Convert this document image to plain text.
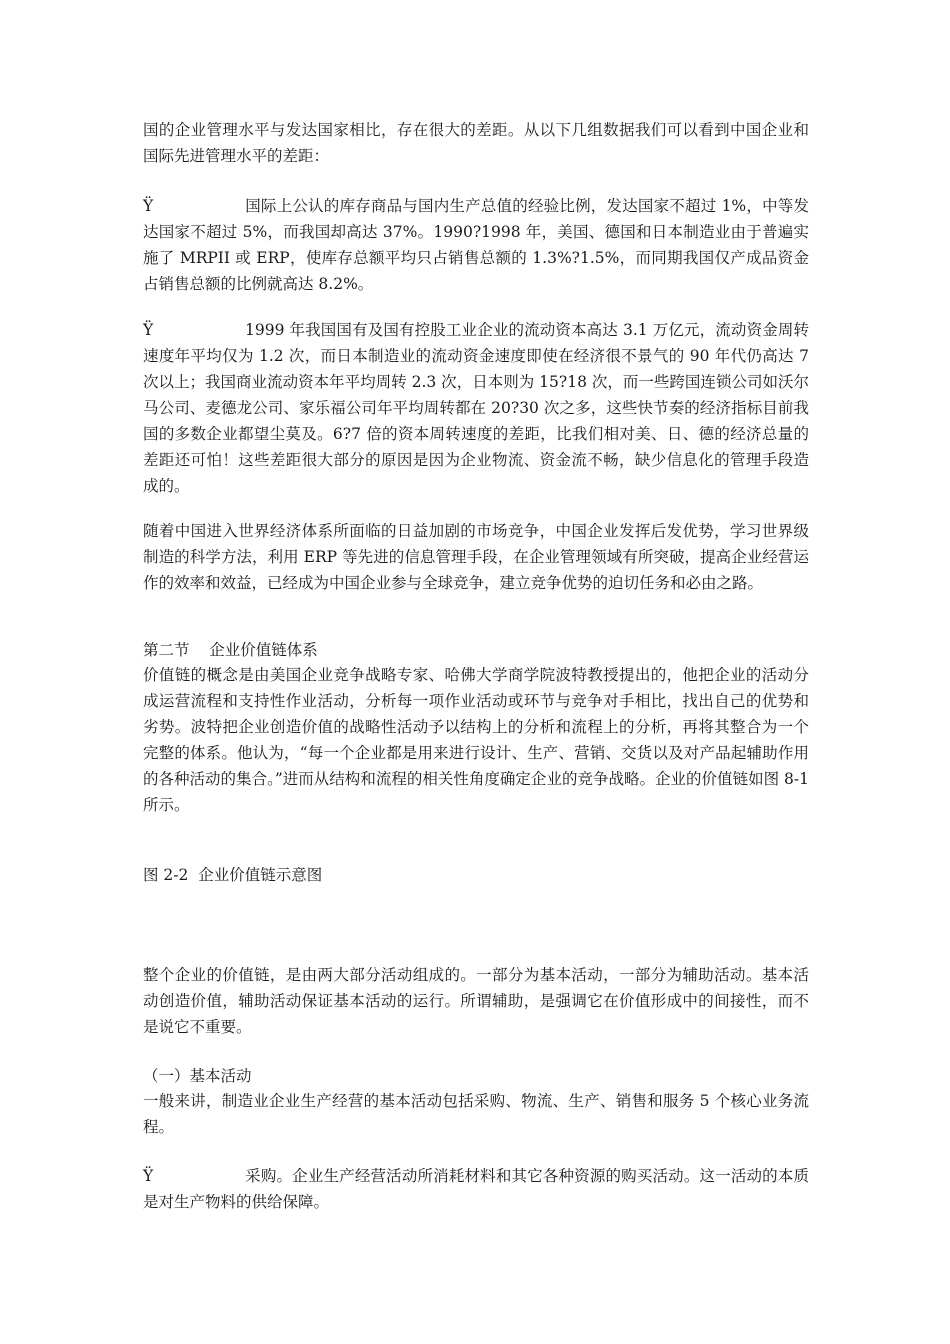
国的企业管理水平与发达国家相比，存在很大的差距。从以下几组数据我们可以看到中国企业和国际先进管理水平的差距：

Ÿ	国际上公认的库存商品与国内生产总值的经验比例，发达国家不超过 1%，中等发达国家不超过 5%，而我国却高达 37%。1990?1998 年，美国、德国和日本制造业由于普遍实施了 MRPII 或 ERP，使库存总额平均只占销售总额的 1.3%?1.5%，而同期我国仅产成品资金占销售总额的比例就高达 8.2%。

Ÿ	1999 年我国国有及国有控股工业企业的流动资本高达 3.1 万亿元，流动资金周转速度年平均仅为 1.2 次，而日本制造业的流动资金速度即使在经济很不景气的 90 年代仍高达 7 次以上；我国商业流动资本年平均周转 2.3 次，日本则为 15?18 次，而一些跨国连锁公司如沃尔马公司、麦德龙公司、家乐福公司年平均周转都在 20?30 次之多，这些快节奏的经济指标目前我国的多数企业都望尘莫及。6?7 倍的资本周转速度的差距，比我们相对美、日、德的经济总量的差距还可怕！这些差距很大部分的原因是因为企业物流、资金流不畅，缺少信息化的管理手段造成的。

随着中国进入世界经济体系所面临的日益加剧的市场竞争，中国企业发挥后发优势，学习世界级制造的科学方法，利用 ERP 等先进的信息管理手段，在企业管理领域有所突破，提高企业经营运作的效率和效益，已经成为中国企业参与全球竞争，建立竞争优势的迫切任务和必由之路。

第二节    企业价值链体系

价值链的概念是由美国企业竞争战略专家、哈佛大学商学院波特教授提出的，他把企业的活动分成运营流程和支持性作业活动，分析每一项作业活动或环节与竞争对手相比，找出自己的优势和劣势。波特把企业创造价值的战略性活动予以结构上的分析和流程上的分析，再将其整合为一个完整的体系。他认为，“每一个企业都是用来进行设计、生产、营销、交货以及对产品起辅助作用的各种活动的集合。”进而从结构和流程的相关性角度确定企业的竞争战略。企业的价值链如图 8-1 所示。

图 2-2  企业价值链示意图

整个企业的价值链，是由两大部分活动组成的。一部分为基本活动，一部分为辅助活动。基本活动创造价值，辅助活动保证基本活动的运行。所谓辅助，是强调它在价值形成中的间接性，而不是说它不重要。

（一）基本活动

一般来讲，制造业企业生产经营的基本活动包括采购、物流、生产、销售和服务 5 个核心业务流程。

Ÿ	采购。企业生产经营活动所消耗材料和其它各种资源的购买活动。这一活动的本质是对生产物料的供给保障。
